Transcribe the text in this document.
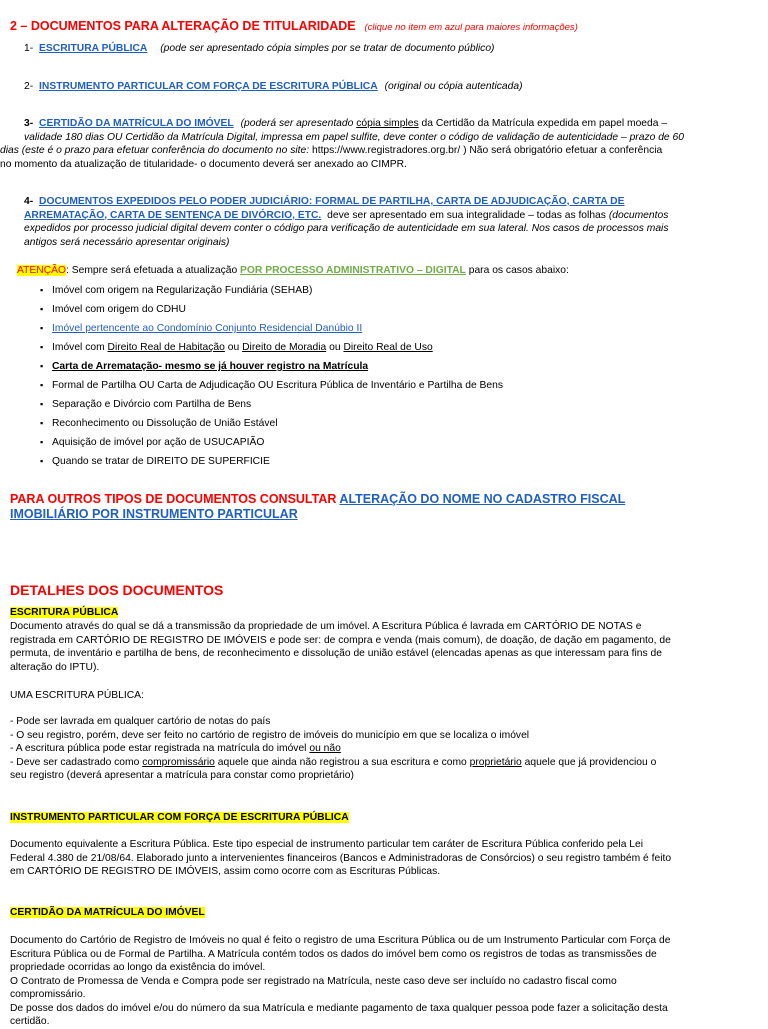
2 – DOCUMENTOS PARA ALTERAÇÃO DE TITULARIDADE (clique no item em azul para maiores informações)
1- ESCRITURA PÚBLICA (pode ser apresentado cópia simples por se tratar de documento público)
2- INSTRUMENTO PARTICULAR COM FORÇA DE ESCRITURA PÚBLICA (original ou cópia autenticada)
3- CERTIDÃO DA MATRÍCULA DO IMÓVEL (poderá ser apresentado cópia simples da Certidão da Matrícula expedida em papel moeda –
validade 180 dias OU Certidão da Matrícula Digital, impressa em papel sulfite, deve conter o código de validação de autenticidade – prazo de 60
dias (este é o prazo para efetuar conferência do documento no site: https://www.registradores.org.br/ ) Não será obrigatório efetuar a conferência
no momento da atualização de titularidade- o documento deverá ser anexado ao CIMPR.
4- DOCUMENTOS EXPEDIDOS PELO PODER JUDICIÁRIO: FORMAL DE PARTILHA, CARTA DE ADJUDICAÇÃO, CARTA DE
ARREMATAÇÃO, CARTA DE SENTENÇA DE DIVÓRCIO, ETC. deve ser apresentado em sua integralidade – todas as folhas (documentos
expedidos por processo judicial digital devem conter o código para verificação de autenticidade em sua lateral. Nos casos de processos mais
antigos será necessário apresentar originais)
ATENÇÃO: Sempre será efetuada a atualização POR PROCESSO ADMINISTRATIVO – DIGITAL para os casos abaixo:
▪ Imóvel com origem na Regularização Fundiária (SEHAB)
▪ Imóvel com origem do CDHU
▪ Imóvel pertencente ao Condomínio Conjunto Residencial Danúbio II
▪ Imóvel com Direito Real de Habitação ou Direito de Moradia ou Direito Real de Uso
▪ Carta de Arrematação- mesmo se já houver registro na Matrícula
▪ Formal de Partilha OU Carta de Adjudicação OU Escritura Pública de Inventário e Partilha de Bens
▪ Separação e Divórcio com Partilha de Bens
▪ Reconhecimento ou Dissolução de União Estável
▪ Aquisição de imóvel por ação de USUCAPIÃO
▪ Quando se tratar de DIREITO DE SUPERFICIE
PARA OUTROS TIPOS DE DOCUMENTOS CONSULTAR ALTERAÇÃO DO NOME NO CADASTRO FISCAL
IMOBILIÁRIO POR INSTRUMENTO PARTICULAR
DETALHES DOS DOCUMENTOS
ESCRITURA PÚBLICA
Documento através do qual se dá a transmissão da propriedade de um imóvel. A Escritura Pública é lavrada em CARTÓRIO DE NOTAS e
registrada em CARTÓRIO DE REGISTRO DE IMÓVEIS e pode ser: de compra e venda (mais comum), de doação, de dação em pagamento, de
permuta, de inventário e partilha de bens, de reconhecimento e dissolução de união estável (elencadas apenas as que interessam para fins de
alteração do IPTU).
UMA ESCRITURA PÚBLICA:
- Pode ser lavrada em qualquer cartório de notas do país
- O seu registro, porém, deve ser feito no cartório de registro de imóveis do município em que se localiza o imóvel
- A escritura pública pode estar registrada na matrícula do imóvel ou não
- Deve ser cadastrado como compromissário aquele que ainda não registrou a sua escritura e como proprietário aquele que já providenciou o
seu registro (deverá apresentar a matrícula para constar como proprietário)
INSTRUMENTO PARTICULAR COM FORÇA DE ESCRITURA PÚBLICA
Documento equivalente a Escritura Pública. Este tipo especial de instrumento particular tem caráter de Escritura Pública conferido pela Lei
Federal 4.380 de 21/08/64. Elaborado junto a intervenientes financeiros (Bancos e Administradoras de Consórcios) o seu registro também é feito
em CARTÓRIO DE REGISTRO DE IMÓVEIS, assim como ocorre com as Escrituras Públicas.
CERTIDÃO DA MATRÍCULA DO IMÓVEL
Documento do Cartório de Registro de Imóveis no qual é feito o registro de uma Escritura Pública ou de um Instrumento Particular com Força de
Escritura Pública ou de Formal de Partilha. A Matrícula contém todos os dados do imóvel bem como os registros de todas as transmissões de
propriedade ocorridas ao longo da existência do imóvel.
O Contrato de Promessa de Venda e Compra pode ser registrado na Matrícula, neste caso deve ser incluído no cadastro fiscal como
compromissário.
De posse dos dados do imóvel e/ou do número da sua Matrícula e mediante pagamento de taxa qualquer pessoa pode fazer a solicitação desta
certidão.
